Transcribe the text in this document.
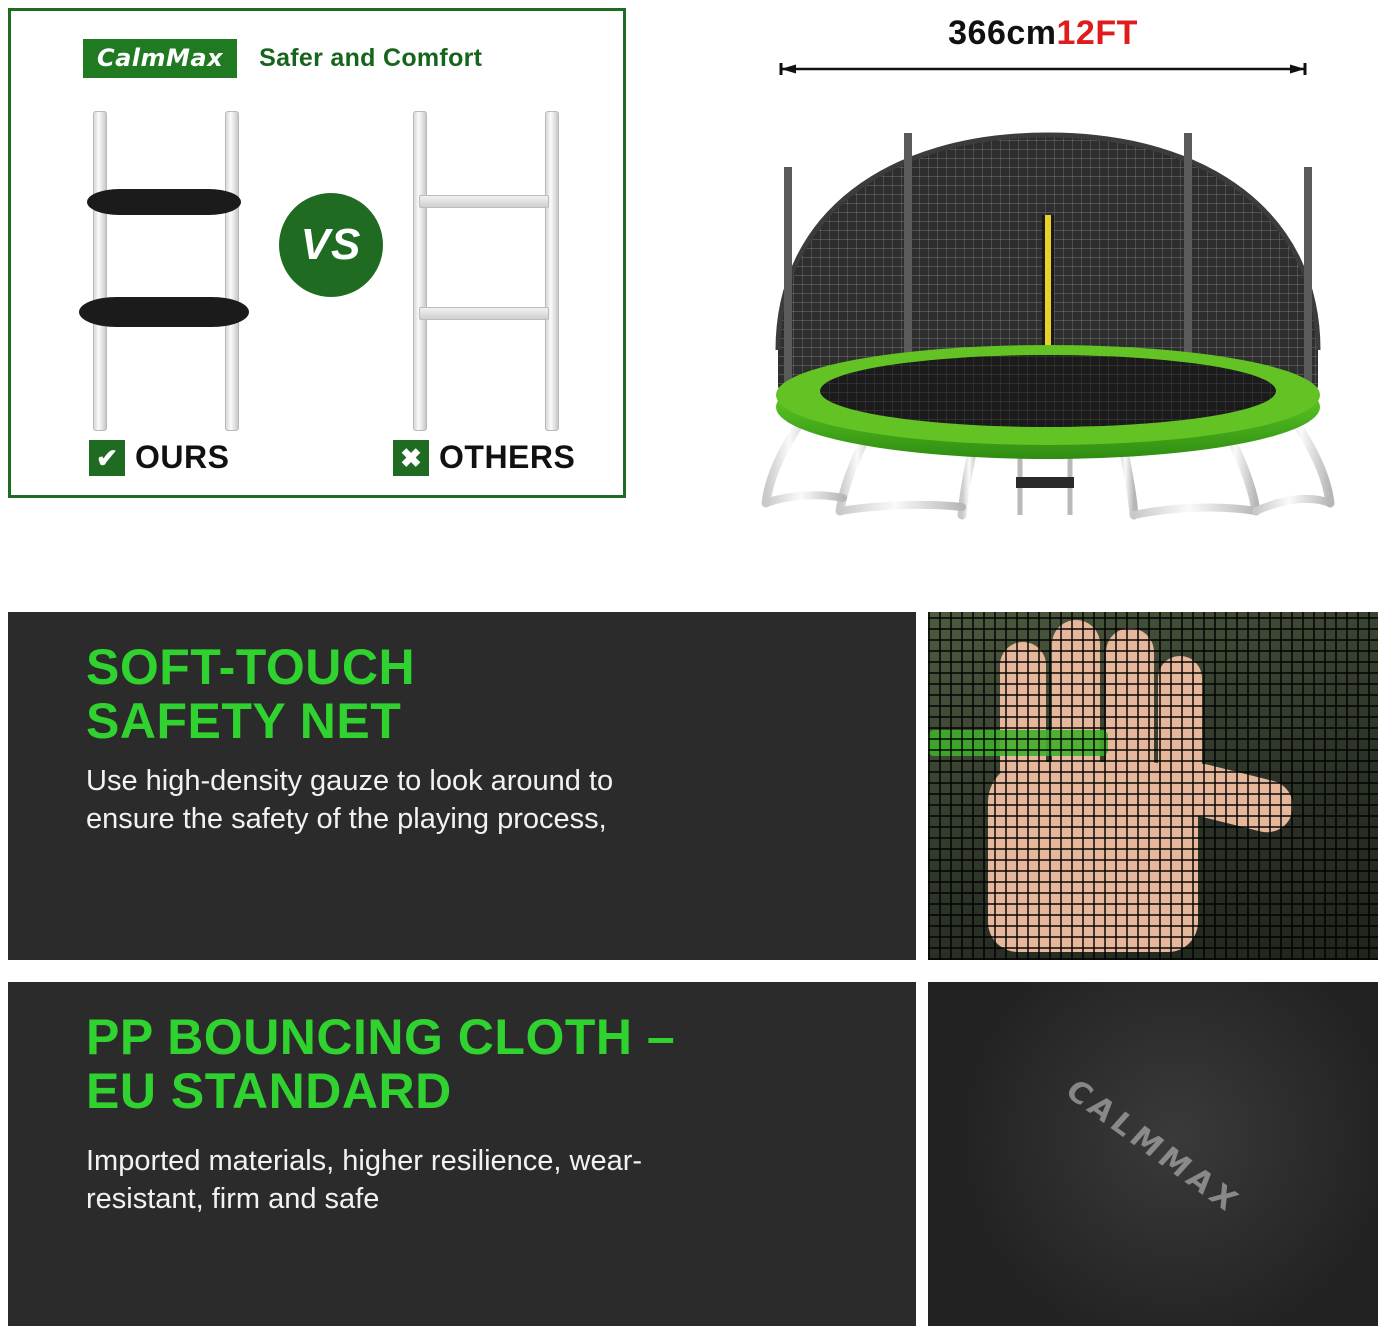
CalmMax	Safer and Comfort
VS
✔ OURS	✖ OTHERS
366cm12FT
SOFT-TOUCH
SAFETY NET
Use high-density gauze to look around to ensure the safety of the playing process,
PP BOUNCING CLOTH –
EU STANDARD
Imported materials, higher resilience, wear-resistant, firm and safe	CALMMAX
